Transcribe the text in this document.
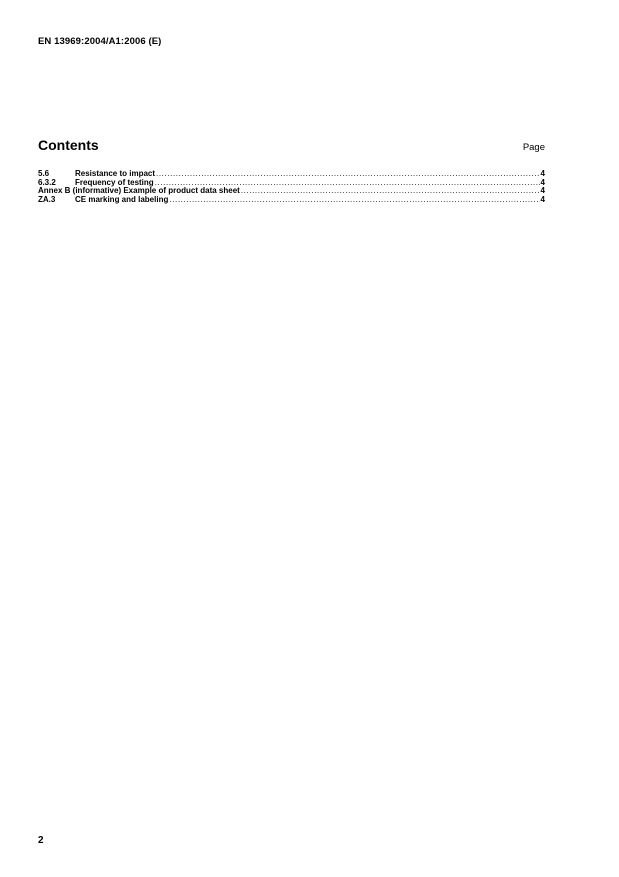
EN 13969:2004/A1:2006 (E)
Contents	Page
5.6	Resistance to impact .....	4
6.3.2	Frequency of testing .....	4
Annex B (informative) Example of product data sheet .....	4
ZA.3	CE marking and labeling .....	4
2
